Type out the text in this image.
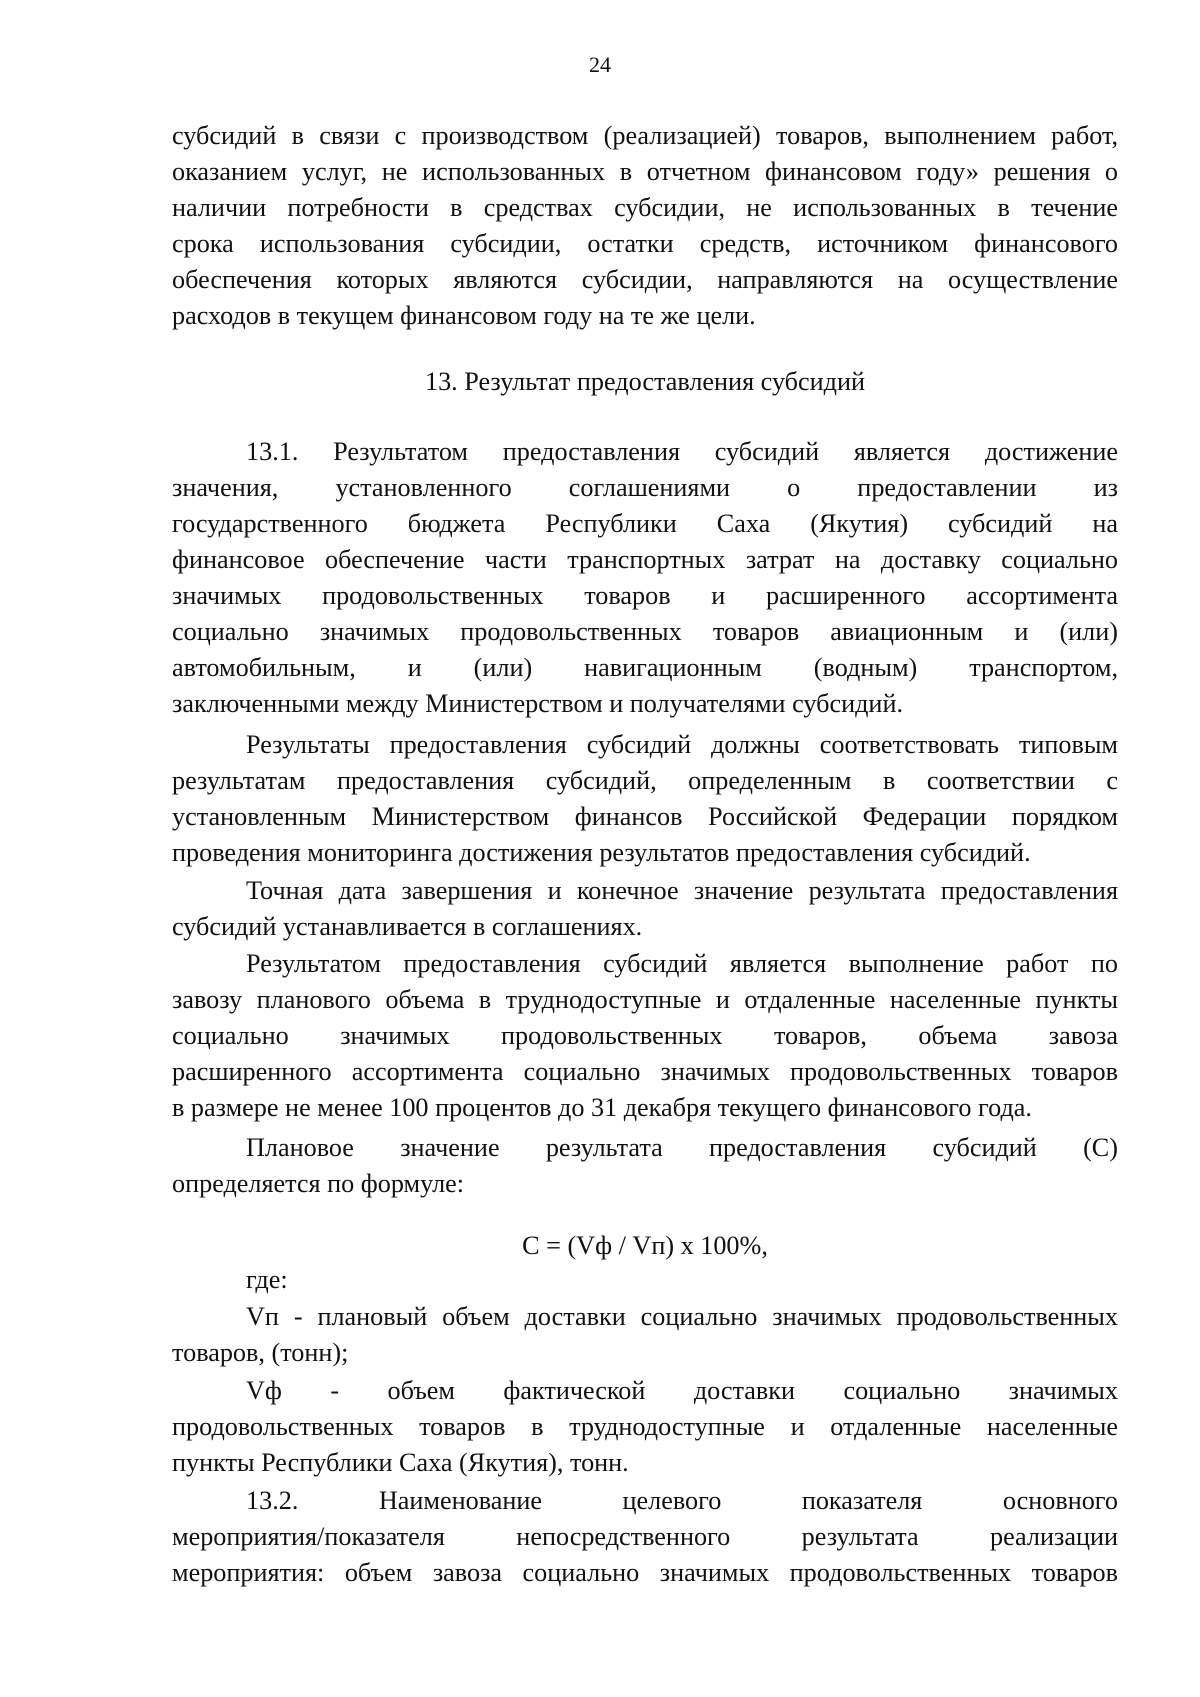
24
субсидий в связи с производством (реализацией) товаров, выполнением работ,
оказанием услуг, не использованных в отчетном финансовом году» решения о
наличии потребности в средствах субсидии, не использованных в течение
срока использования субсидии, остатки средств, источником финансового
обеспечения которых являются субсидии, направляются на осуществление
расходов в текущем финансовом году на те же цели.
13. Результат предоставления субсидий
13.1. Результатом предоставления субсидий является достижение
значения, установленного соглашениями о предоставлении из
государственного бюджета Республики Саха (Якутия) субсидий на
финансовое обеспечение части транспортных затрат на доставку социально
значимых продовольственных товаров и расширенного ассортимента
социально значимых продовольственных товаров авиационным и (или)
автомобильным, и (или) навигационным (водным) транспортом,
заключенными между Министерством и получателями субсидий.
Результаты предоставления субсидий должны соответствовать типовым
результатам предоставления субсидий, определенным в соответствии с
установленным Министерством финансов Российской Федерации порядком
проведения мониторинга достижения результатов предоставления субсидий.
Точная дата завершения и конечное значение результата предоставления
субсидий устанавливается в соглашениях.
Результатом предоставления субсидий является выполнение работ по
завозу планового объема в труднодоступные и отдаленные населенные пункты
социально значимых продовольственных товаров, объема завоза
расширенного ассортимента социально значимых продовольственных товаров
в размере не менее 100 процентов до 31 декабря текущего финансового года.
Плановое значение результата предоставления субсидий (С)
определяется по формуле:
С = (Vф / Vп) х 100%,
где:
Vп - плановый объем доставки социально значимых продовольственных
товаров, (тонн);
Vф - объем фактической доставки социально значимых
продовольственных товаров в труднодоступные и отдаленные населенные
пункты Республики Саха (Якутия), тонн.
13.2. Наименование целевого показателя основного
мероприятия/показателя непосредственного результата реализации
мероприятия: объем завоза социально значимых продовольственных товаров
